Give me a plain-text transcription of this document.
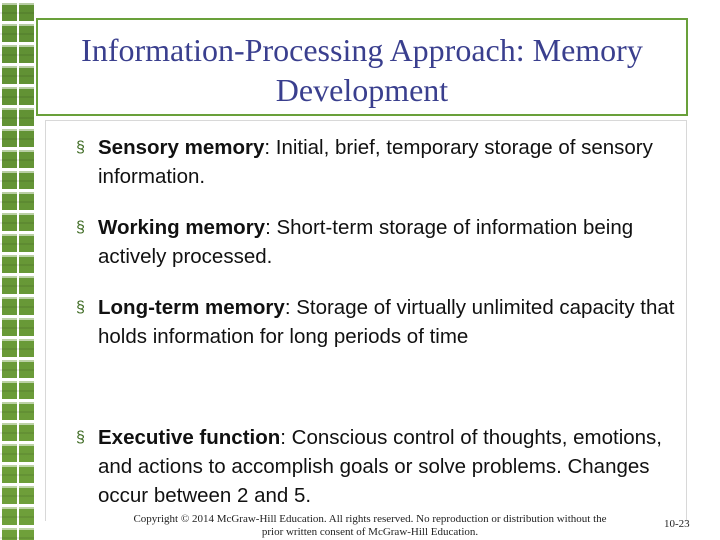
Information-Processing Approach: Memory
Development
§ Sensory memory: Initial, brief, temporary storage of sensory information.
§ Working memory: Short-term storage of information being actively processed.
§ Long-term memory: Storage of virtually unlimited capacity that holds information for long periods of time
§ Executive function: Conscious control of thoughts, emotions, and actions to accomplish goals or solve problems. Changes occur between 2 and 5.
Copyright © 2014 McGraw-Hill Education. All rights reserved. No reproduction or distribution without the
prior written consent of McGraw-Hill Education.
10-23
